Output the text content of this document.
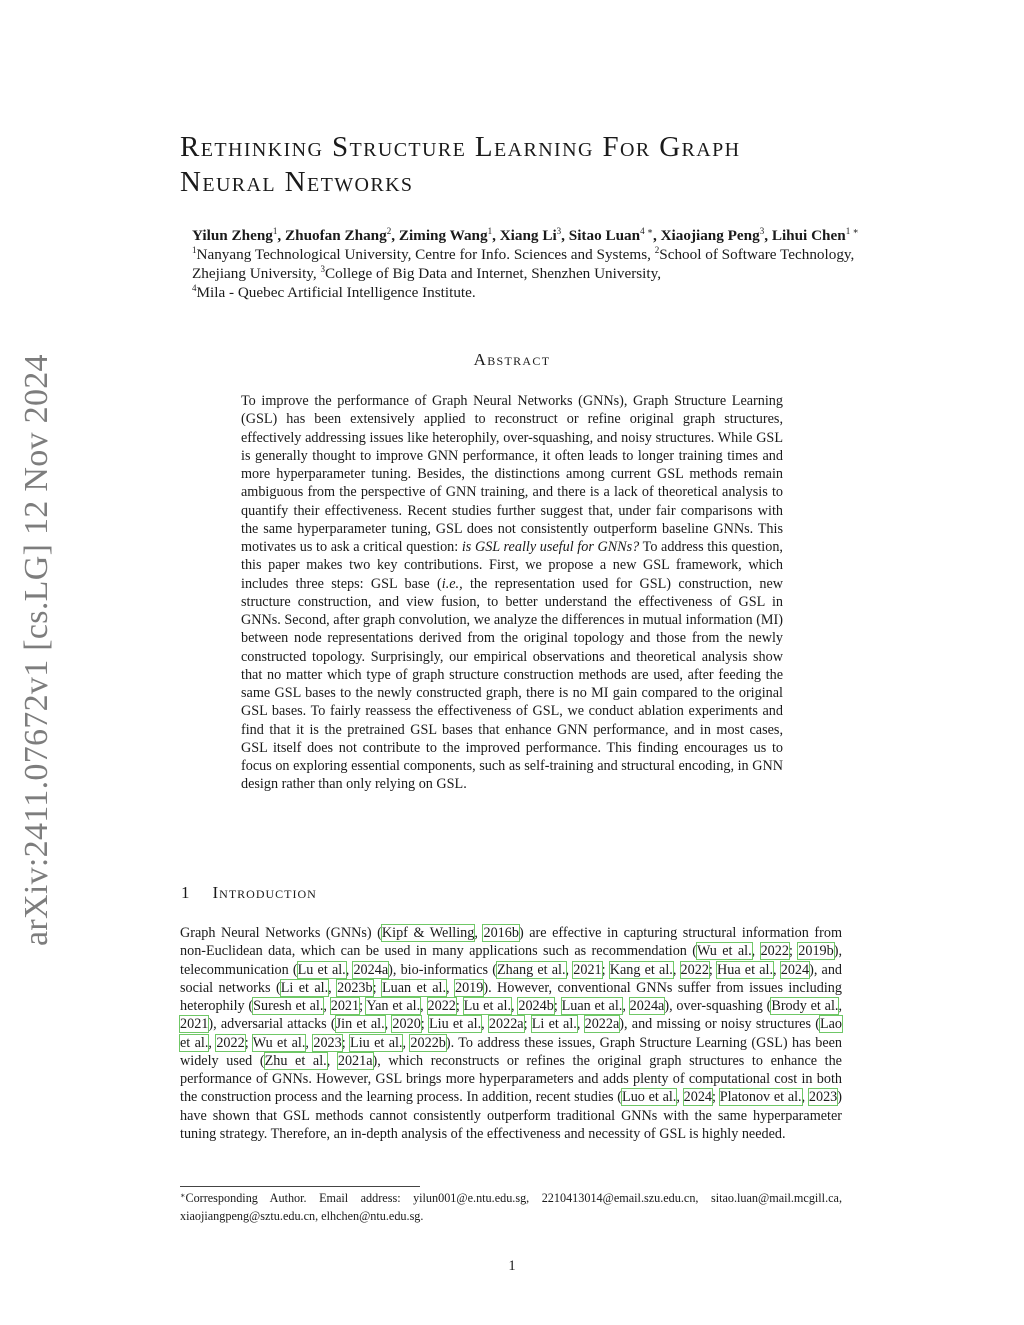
arXiv:2411.07672v1 [cs.LG] 12 Nov 2024
Rethinking Structure Learning For Graph
Neural Networks
Yilun Zheng$^1$, Zhuofan Zhang$^2$, Ziming Wang$^1$, Xiang Li$^3$, Sitao Luan$^{4 ∗}$, Xiaojiang Peng$^3$, Lihui Chen$^{1 ∗}$
$^1$Nanyang Technological University, Centre for Info. Sciences and Systems, $^2$School of Software Technology,
Zhejiang University, $^3$College of Big Data and Internet, Shenzhen University,
$^4$Mila - Quebec Artificial Intelligence Institute.
Abstract
To improve the performance of Graph Neural Networks (GNNs), Graph Structure Learning (GSL) has been extensively applied to reconstruct or refine original graph structures, effectively addressing issues like heterophily, over-squashing, and noisy structures. While GSL is generally thought to improve GNN performance, it often leads to longer training times and more hyperparameter tuning. Besides, the distinctions among current GSL methods remain ambiguous from the perspective of GNN training, and there is a lack of theoretical analysis to quantify their effectiveness. Recent studies further suggest that, under fair comparisons with the same hyperparameter tuning, GSL does not consistently outperform baseline GNNs. This motivates us to ask a critical question: is GSL really useful for GNNs? To address this question, this paper makes two key contributions. First, we propose a new GSL framework, which includes three steps: GSL base (i.e., the representation used for GSL) construction, new structure construction, and view fusion, to better understand the effectiveness of GSL in GNNs. Second, after graph convolution, we analyze the differences in mutual information (MI) between node representations derived from the original topology and those from the newly constructed topology. Surprisingly, our empirical observations and theoretical analysis show that no matter which type of graph structure construction methods are used, after feeding the same GSL bases to the newly constructed graph, there is no MI gain compared to the original GSL bases. To fairly reassess the effectiveness of GSL, we conduct ablation experiments and find that it is the pretrained GSL bases that enhance GNN performance, and in most cases, GSL itself does not contribute to the improved performance. This finding encourages us to focus on exploring essential components, such as self-training and structural encoding, in GNN design rather than only relying on GSL.
1 Introduction
Graph Neural Networks (GNNs) (Kipf & Welling, 2016b) are effective in capturing structural information from non-Euclidean data, which can be used in many applications such as recommendation (Wu et al., 2022; 2019b), telecommunication (Lu et al., 2024a), bio-informatics (Zhang et al., 2021; Kang et al., 2022; Hua et al., 2024), and social networks (Li et al., 2023b; Luan et al., 2019). However, conventional GNNs suffer from issues including heterophily (Suresh et al., 2021; Yan et al., 2022; Lu et al., 2024b; Luan et al., 2024a), over-squashing (Brody et al., 2021), adversarial attacks (Jin et al., 2020; Liu et al., 2022a; Li et al., 2022a), and missing or noisy structures (Lao et al., 2022; Wu et al., 2023; Liu et al., 2022b). To address these issues, Graph Structure Learning (GSL) has been widely used (Zhu et al., 2021a), which reconstructs or refines the original graph structures to enhance the performance of GNNs. However, GSL brings more hyperparameters and adds plenty of computational cost in both the construction process and the learning process. In addition, recent studies (Luo et al., 2024; Platonov et al., 2023) have shown that GSL methods cannot consistently outperform traditional GNNs with the same hyperparameter tuning strategy. Therefore, an in-depth analysis of the effectiveness and necessity of GSL is highly needed.
∗Corresponding Author. Email address: yilun001@e.ntu.edu.sg, 2210413014@email.szu.edu.cn, sitao.luan@mail.mcgill.ca, xiaojiangpeng@sztu.edu.cn, elhchen@ntu.edu.sg.
1
